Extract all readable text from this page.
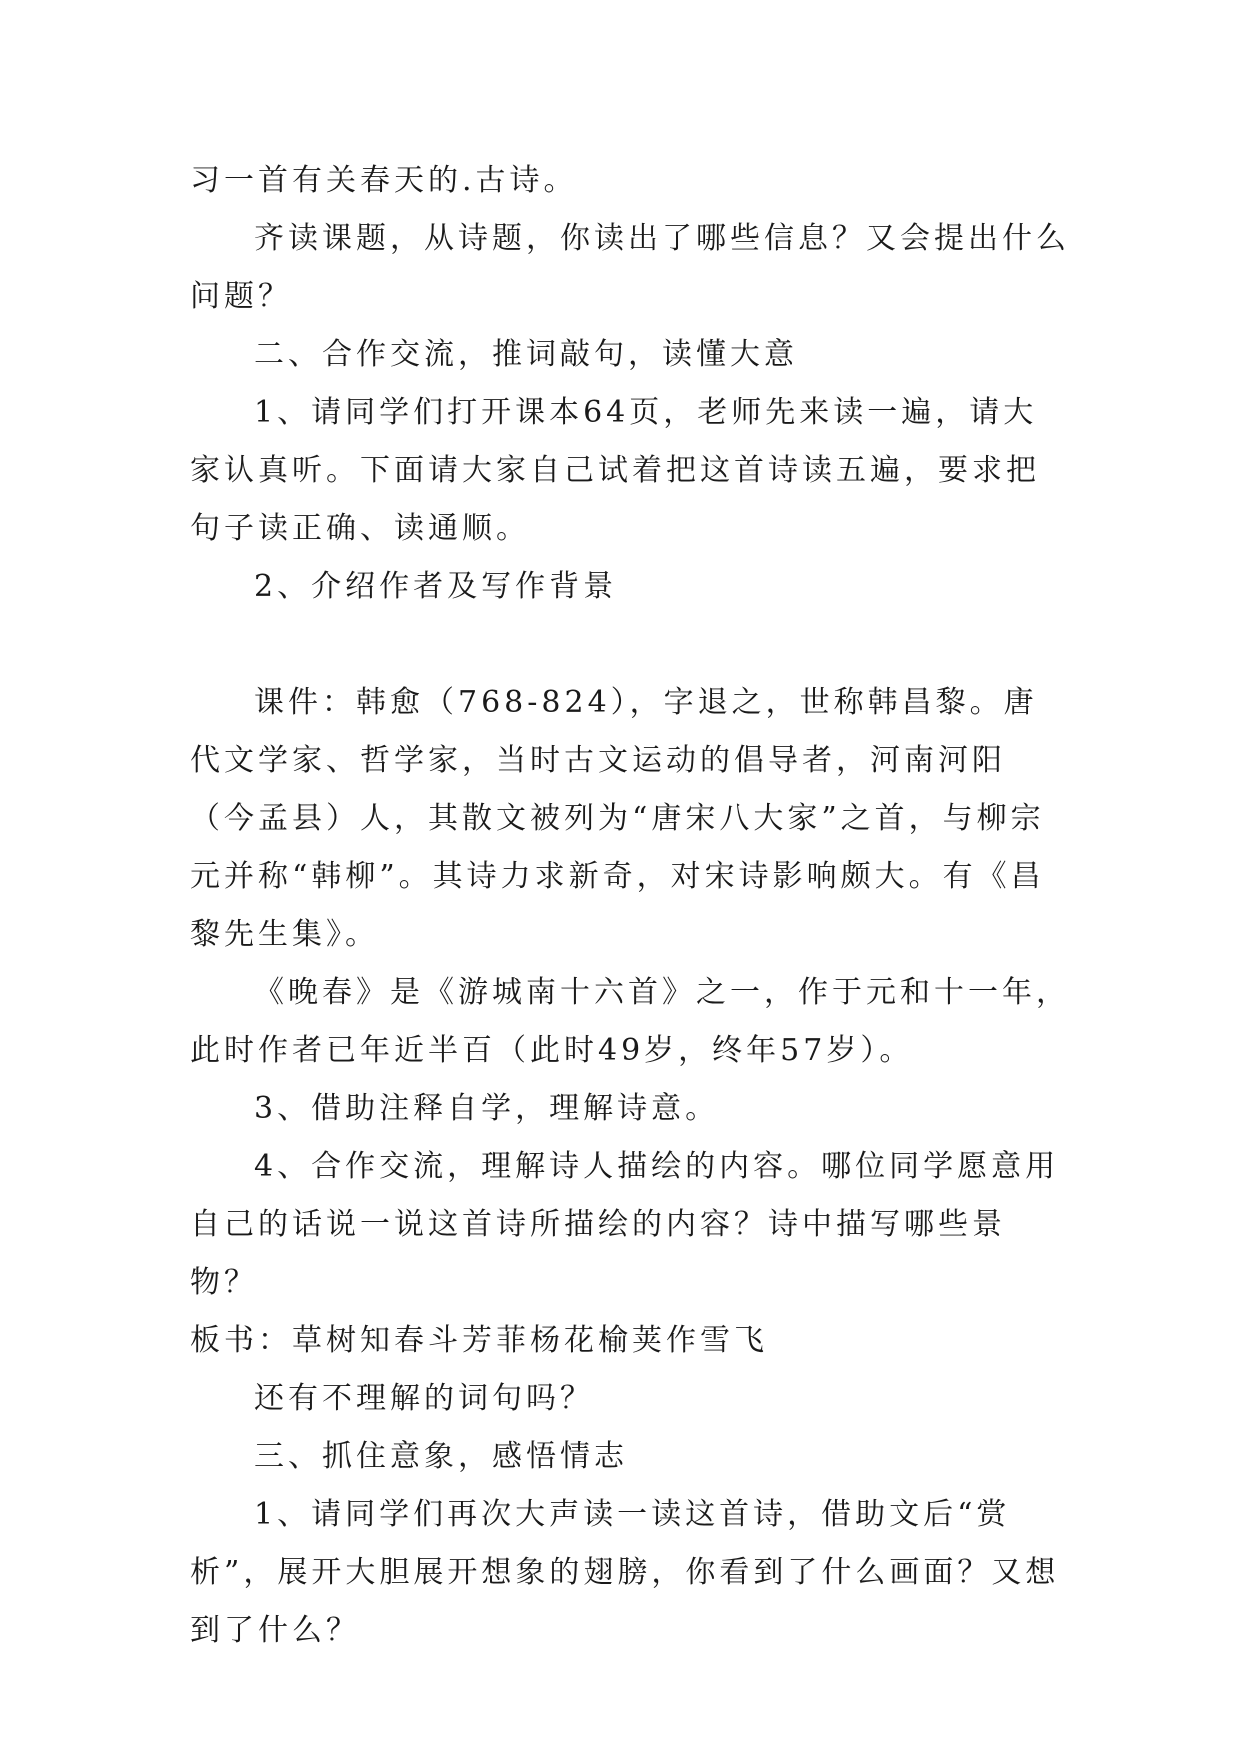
习一首有关春天的.古诗。

齐读课题，从诗题，你读出了哪些信息？又会提出什么问题？

二、合作交流，推词敲句，读懂大意

1、请同学们打开课本64页，老师先来读一遍，请大家认真听。下面请大家自己试着把这首诗读五遍，要求把句子读正确、读通顺。

2、介绍作者及写作背景

课件：韩愈（768-824），字退之，世称韩昌黎。唐代文学家、哲学家，当时古文运动的倡导者，河南河阳（今孟县）人，其散文被列为“唐宋八大家”之首，与柳宗元并称“韩柳”。其诗力求新奇，对宋诗影响颇大。有《昌黎先生集》。

《晚春》是《游城南十六首》之一，作于元和十一年，此时作者已年近半百（此时49岁，终年57岁）。

3、借助注释自学，理解诗意。

4、合作交流，理解诗人描绘的内容。哪位同学愿意用自己的话说一说这首诗所描绘的内容？诗中描写哪些景物？

板书：草树知春斗芳菲杨花榆荚作雪飞

还有不理解的词句吗？

三、抓住意象，感悟情志

1、请同学们再次大声读一读这首诗，借助文后“赏析”，展开大胆展开想象的翅膀，你看到了什么画面？又想到了什么？
